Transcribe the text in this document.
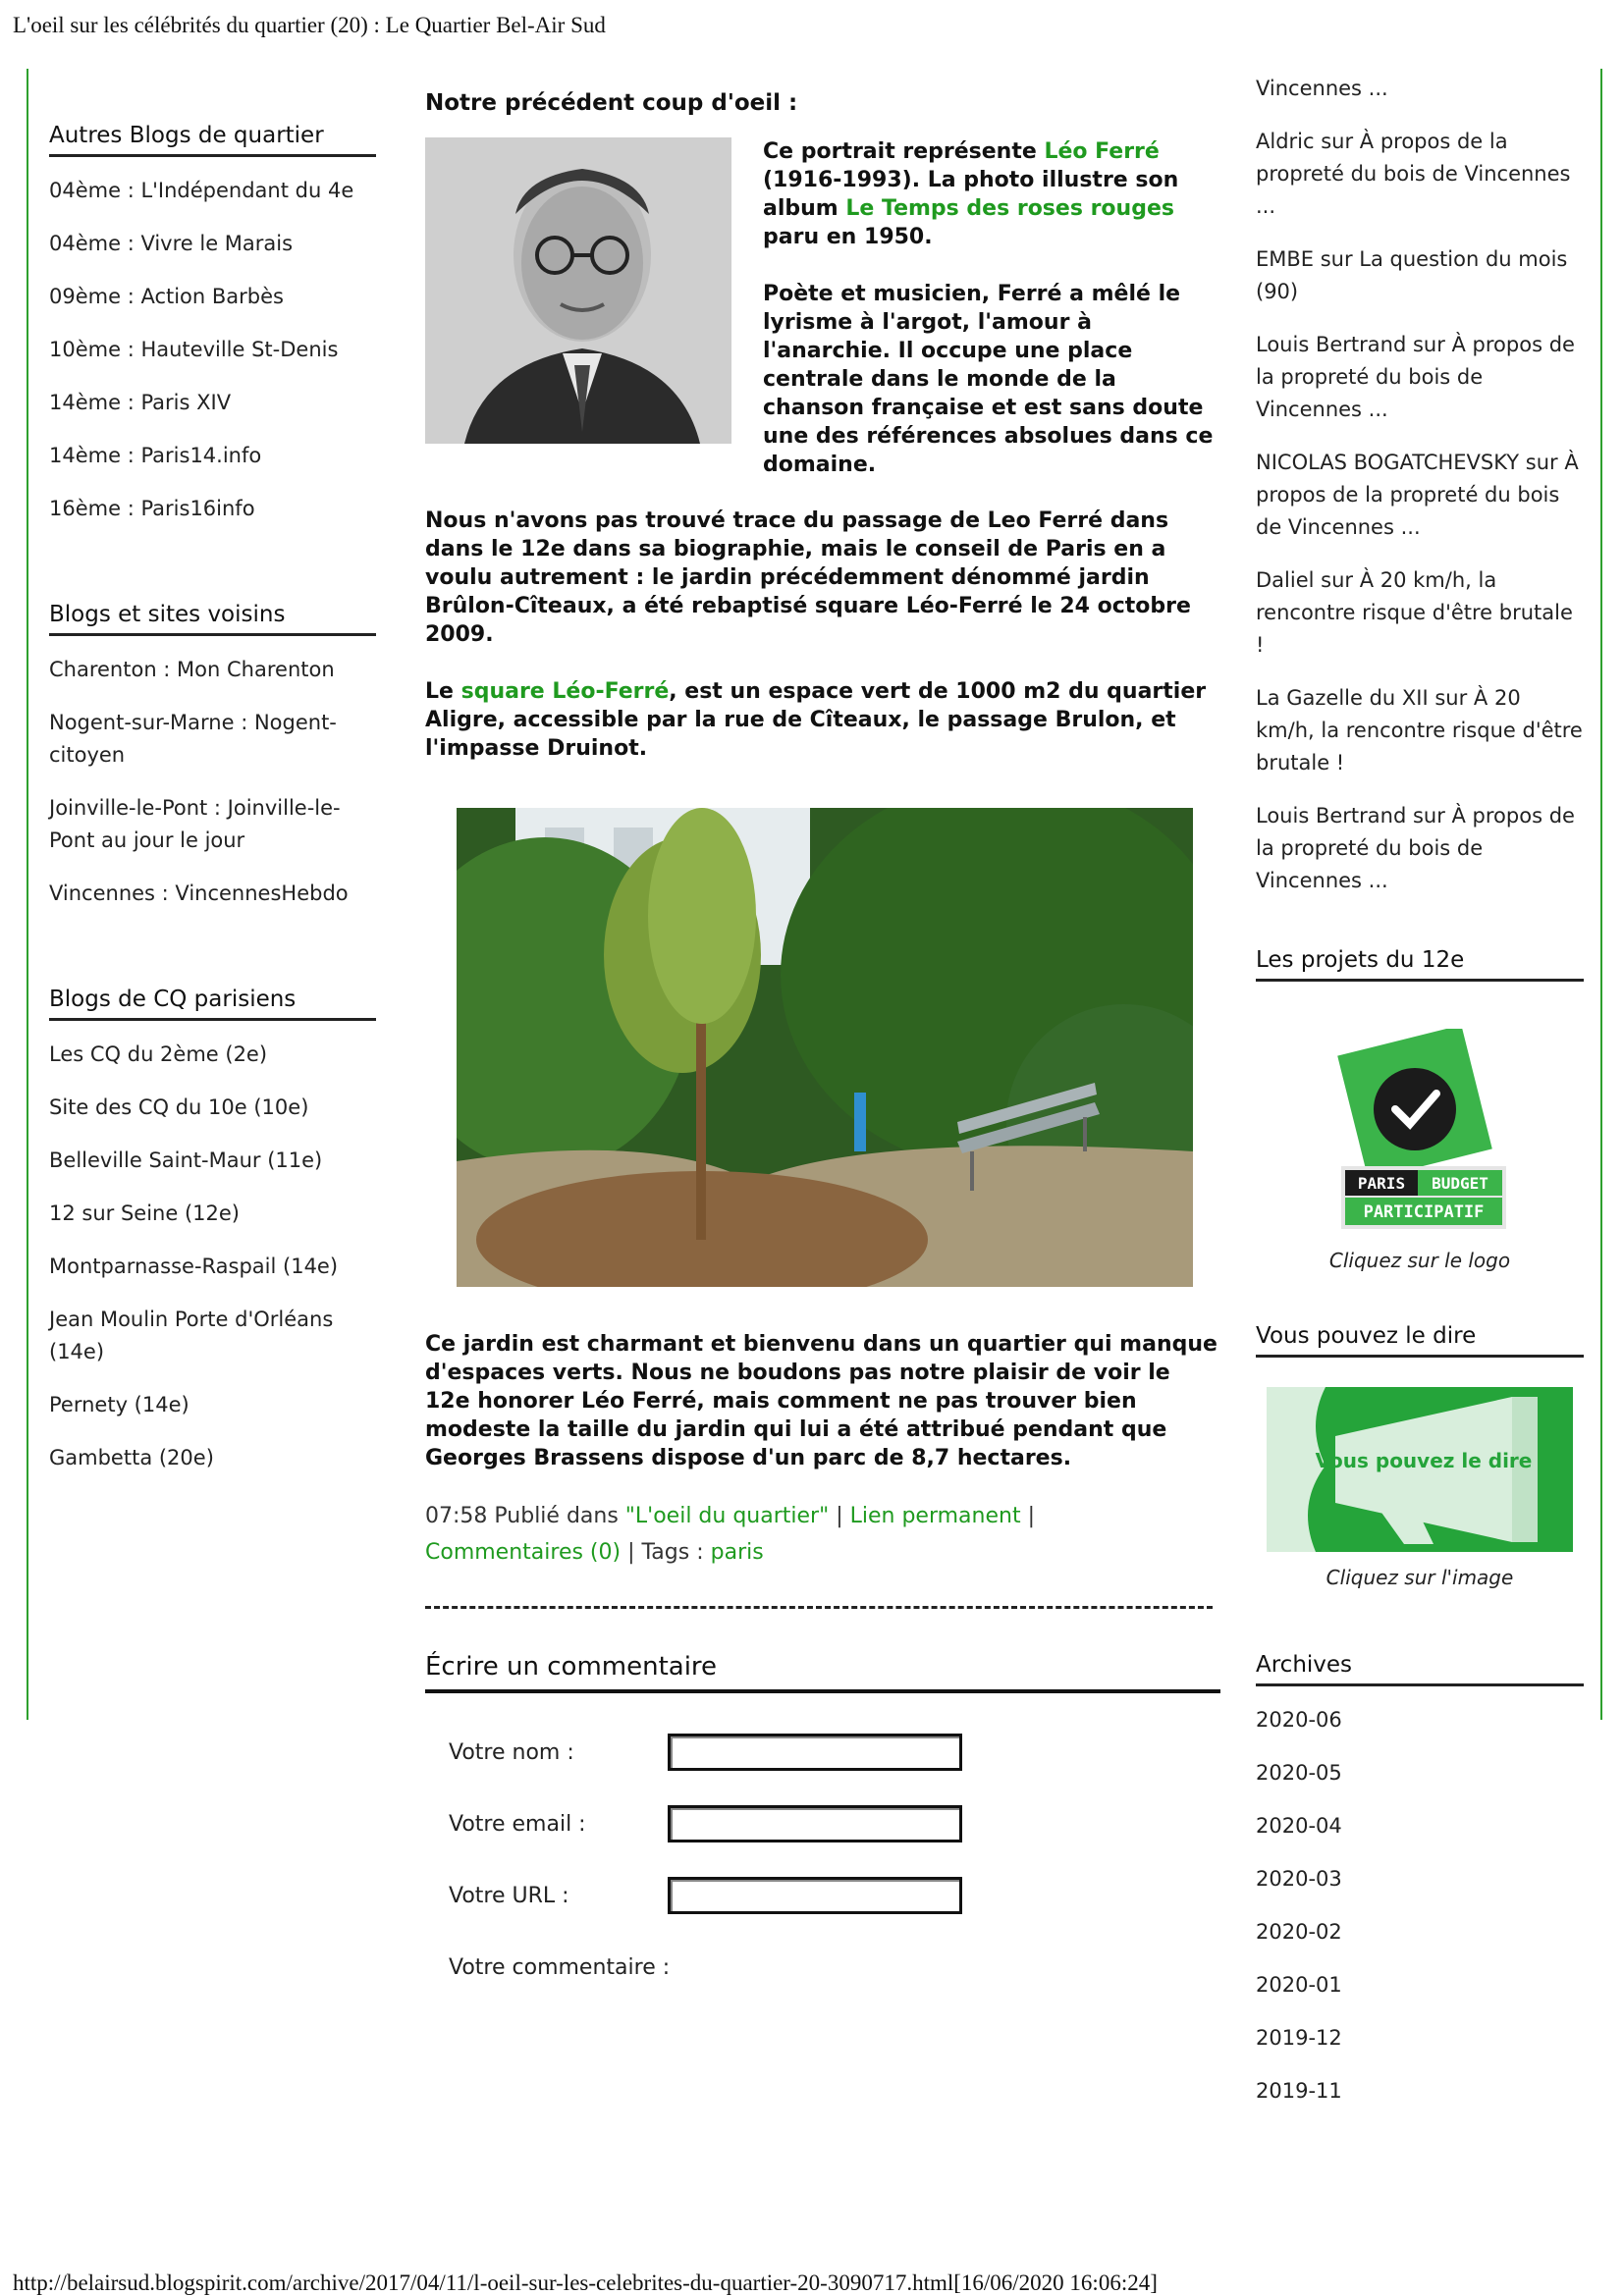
L'oeil sur les célébrités du quartier (20) : Le Quartier Bel-Air Sud
http://belairsud.blogspirit.com/archive/2017/04/11/l-oeil-sur-les-celebrites-du-quartier-20-3090717.html[16/06/2020 16:06:24]
Autres Blogs de quartier
04ème : L'Indépendant du 4e
04ème : Vivre le Marais
09ème : Action Barbès
10ème : Hauteville St-Denis
14ème : Paris XIV
14ème : Paris14.info
16ème : Paris16info
Blogs et sites voisins
Charenton : Mon Charenton
Nogent-sur-Marne : Nogent-citoyen
Joinville-le-Pont : Joinville-le-Pont au jour le jour
Vincennes : VincennesHebdo
Blogs de CQ parisiens
Les CQ du 2ème (2e)
Site des CQ du 10e (10e)
Belleville Saint-Maur (11e)
12 sur Seine (12e)
Montparnasse-Raspail (14e)
Jean Moulin Porte d'Orléans (14e)
Pernety (14e)
Gambetta (20e)

Notre précédent coup d'oeil :

Ce portrait représente Léo Ferré (1916-1993). La photo illustre son album Le Temps des roses rouges paru en 1950.

Poète et musicien, Ferré a mêlé le lyrisme à l'argot, l'amour à l'anarchie. Il occupe une place centrale dans le monde de la chanson française et est sans doute une des références absolues dans ce domaine.

Nous n'avons pas trouvé trace du passage de Leo Ferré dans dans le 12e dans sa biographie, mais le conseil de Paris en a voulu autrement : le jardin précédemment dénommé jardin Brûlon-Cîteaux, a été rebaptisé square Léo-Ferré le 24 octobre 2009.

Le square Léo-Ferré, est un espace vert de 1000 m2 du quartier Aligre, accessible par la rue de Cîteaux, le passage Brulon, et l'impasse Druinot.

Ce jardin est charmant et bienvenu dans un quartier qui manque d'espaces verts. Nous ne boudons pas notre plaisir de voir le 12e honorer Léo Ferré, mais comment ne pas trouver bien modeste la taille du jardin qui lui a été attribué pendant que Georges Brassens dispose d'un parc de 8,7 hectares.

07:58 Publié dans "L'oeil du quartier" | Lien permanent |
Commentaires (0) | Tags : paris
Écrire un commentaire
Votre nom :
Votre email :
Votre URL :
Votre commentaire :
Vincennes ...
Aldric sur À propos de la propreté du bois de Vincennes ...
EMBE sur La question du mois (90)
Louis Bertrand sur À propos de la propreté du bois de Vincennes ...
NICOLAS BOGATCHEVSKY sur À propos de la propreté du bois de Vincennes ...
Daliel sur À 20 km/h, la rencontre risque d'être brutale !
La Gazelle du XII sur À 20 km/h, la rencontre risque d'être brutale !
Louis Bertrand sur À propos de la propreté du bois de Vincennes ...
Les projets du 12e
PARIS BUDGET
PARTICIPATIF
Cliquez sur le logo
Vous pouvez le dire
Vous pouvez le dire
Cliquez sur l'image
Archives
2020-06
2020-05
2020-04
2020-03
2020-02
2020-01
2019-12
2019-11
